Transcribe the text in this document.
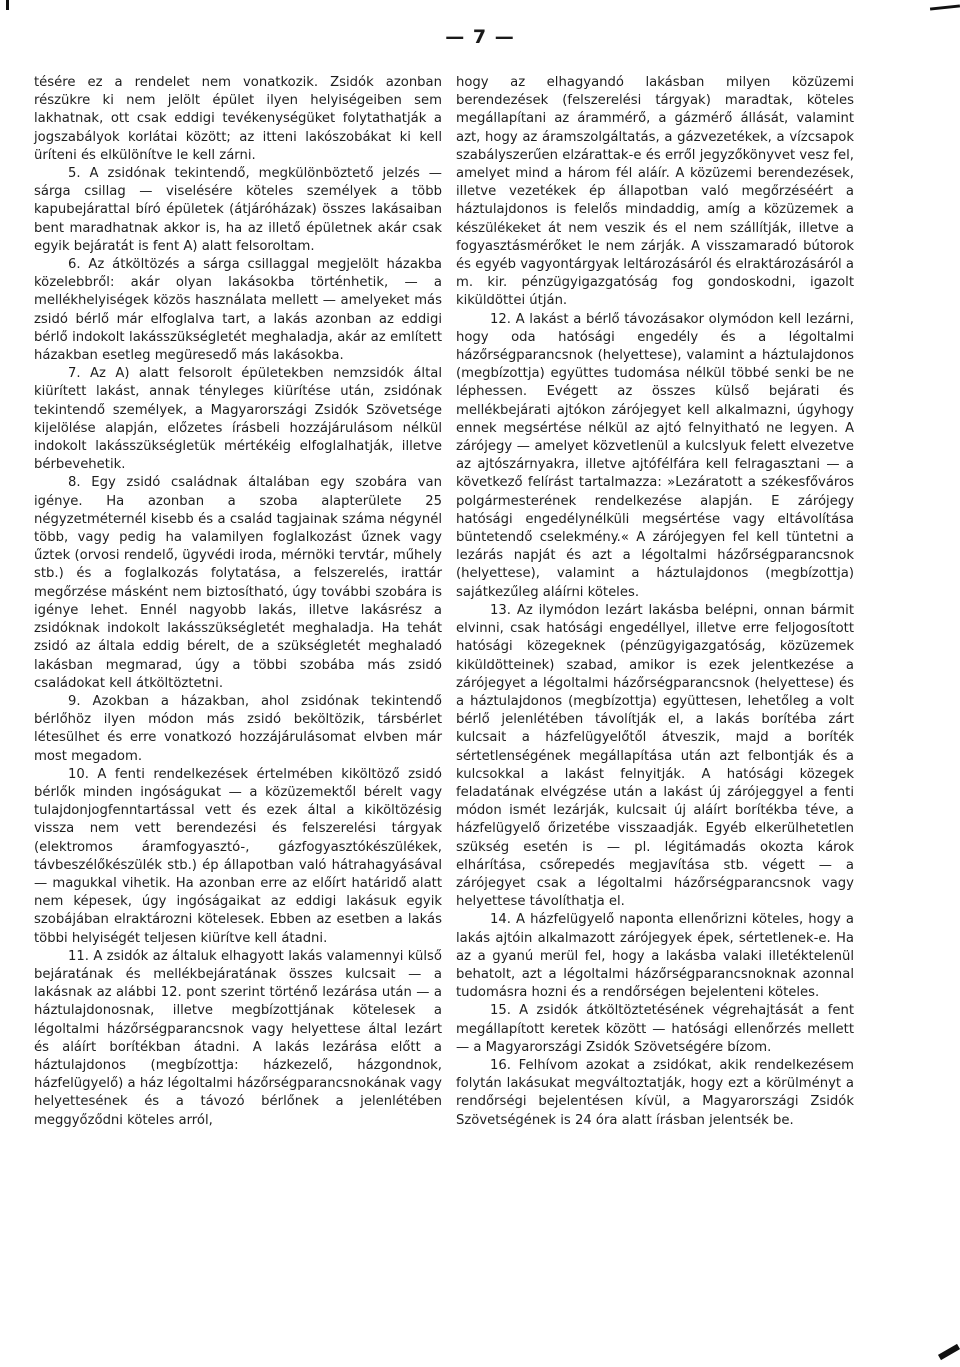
— 7 —

tésére ez a rendelet nem vonatkozik. Zsidók azonban részükre ki nem jelölt épület ilyen helyiségeiben sem lakhatnak, ott csak eddigi tevékenységüket folytathatják a jogszabályok korlátai között; az itteni lakószobákat ki kell üríteni és elkülönítve le kell zárni.

5. A zsidónak tekintendő, megkülönböztető jelzés — sárga csillag — viselésére köteles személyek a több kapubejárattal bíró épületek (átjáróházak) összes lakásaiban bent maradhatnak akkor is, ha az illető épületnek akár csak egyik bejáratát is fent A) alatt felsoroltam.

6. Az átköltözés a sárga csillaggal megjelölt házakba közelebbről: akár olyan lakásokba történhetik, — a mellékhelyiségek közös használata mellett — amelyeket más zsidó bérlő már elfoglalva tart, a lakás azonban az eddigi bérlő indokolt lakásszükségletét meghaladja, akár az említett házakban esetleg megüresedő más lakásokba.

7. Az A) alatt felsorolt épületekben nemzsidók által kiürített lakást, annak tényleges kiürítése után, zsidónak tekintendő személyek, a Magyarországi Zsidók Szövetsége kijelölése alapján, előzetes írásbeli hozzájárulásom nélkül indokolt lakásszükségletük mértékéig elfoglalhatják, illetve bérbevehetik.

8. Egy zsidó családnak általában egy szobára van igénye. Ha azonban a szoba alapterülete 25 négyzetméternél kisebb és a család tagjainak száma négynél több, vagy pedig ha valamilyen foglalkozást űznek vagy űztek (orvosi rendelő, ügyvédi iroda, mérnöki tervtár, műhely stb.) és a foglalkozás folytatása, a felszerelés, irattár megőrzése másként nem biztosítható, úgy további szobára is igénye lehet. Ennél nagyobb lakás, illetve lakásrész a zsidóknak indokolt lakásszükségletét meghaladja. Ha tehát zsidó az általa eddig bérelt, de a szükségletét meghaladó lakásban megmarad, úgy a többi szobába más zsidó családokat kell átköltöztetni.

9. Azokban a házakban, ahol zsidónak tekintendő bérlőhöz ilyen módon más zsidó beköltözik, társbérlet létesülhet és erre vonatkozó hozzájárulásomat elvben már most megadom.

10. A fenti rendelkezések értelmében kiköltöző zsidó bérlők minden ingóságukat — a közüzemektől bérelt vagy tulajdonjogfenntartással vett és ezek által a kiköltözésig vissza nem vett berendezési és felszerelési tárgyak (elektromos áramfogyasztó-, gázfogyasztókészülékek, távbeszélőkészülék stb.) ép állapotban való hátrahagyásával — magukkal vihetik. Ha azonban erre az előírt határidő alatt nem képesek, úgy ingóságaikat az eddigi lakásuk egyik szobájában elraktározni kötelesek. Ebben az esetben a lakás többi helyiségét teljesen kiürítve kell átadni.

11. A zsidók az általuk elhagyott lakás valamennyi külső bejáratának és mellékbejáratának összes kulcsait — a lakásnak az alábbi 12. pont szerint történő lezárása után — a háztulajdonosnak, illetve megbízottjának kötelesek a légoltalmi házőrségparancsnok vagy helyettese által lezárt és aláírt borítékban átadni. A lakás lezárása előtt a háztulajdonos (megbízottja: házkezelő, házgondnok, házfelügyelő) a ház légoltalmi házőrségparancsnokának vagy helyettesének és a távozó bérlőnek a jelenlétében meggyőződni köteles arról,

hogy az elhagyandó lakásban milyen közüzemi berendezések (felszerelési tárgyak) maradtak, köteles megállapítani az árammérő, a gázmérő állását, valamint azt, hogy az áramszolgáltatás, a gázvezetékek, a vízcsapok szabályszerűen elzárattak-e és erről jegyzőkönyvet vesz fel, amelyet mind a három fél aláír. A közüzemi berendezések, illetve vezetékek ép állapotban való megőrzéséért a háztulajdonos is felelős mindaddig, amíg a közüzemek a készülékeket át nem veszik és el nem szállítják, illetve a fogyasztásmérőket le nem zárják. A visszamaradó bútorok és egyéb vagyontárgyak leltározásáról és elraktározásáról a m. kir. pénzügyigazgatóság fog gondoskodni, igazolt kiküldöttei útján.

12. A lakást a bérlő távozásakor olymódon kell lezárni, hogy oda hatósági engedély és a légoltalmi házőrségparancsnok (helyettese), valamint a háztulajdonos (megbízottja) együttes tudomása nélkül többé senki be ne léphessen. Evégett az összes külső bejárati és mellékbejárati ajtókon zárójegyet kell alkalmazni, úgyhogy ennek megsértése nélkül az ajtó felnyitható ne legyen. A zárójegy — amelyet közvetlenül a kulcslyuk felett elvezetve az ajtószárnyakra, illetve ajtófélfára kell felragasztani — a következő felírást tartalmazza: »Lezáratott a székesfőváros polgármesterének rendelkezése alapján. E zárójegy hatósági engedélynélküli megsértése vagy eltávolítása büntetendő cselekmény.« A zárójegyen fel kell tüntetni a lezárás napját és azt a légoltalmi házőrségparancsnok (helyettese), valamint a háztulajdonos (megbízottja) sajátkezűleg aláírni köteles.

13. Az ilymódon lezárt lakásba belépni, onnan bármit elvinni, csak hatósági engedéllyel, illetve erre feljogosított hatósági közegeknek (pénzügyigazgatóság, közüzemek kiküldötteinek) szabad, amikor is ezek jelentkezése a zárójegyet a légoltalmi házőrségparancsnok (helyettese) és a háztulajdonos (megbízottja) együttesen, lehetőleg a volt bérlő jelenlétében távolítják el, a lakás borítéba zárt kulcsait a házfelügyelőtől átveszik, majd a boríték sértetlenségének megállapítása után azt felbontják és a kulcsokkal a lakást felnyitják. A hatósági közegek feladatának elvégzése után a lakást új zárójeggyel a fenti módon ismét lezárják, kulcsait új aláírt borítékba téve, a házfelügyelő őrizetébe visszaadják. Egyéb elkerülhetetlen szükség esetén is — pl. légitámadás okozta károk elhárítása, csőrepedés megjavítása stb. végett — a zárójegyet csak a légoltalmi házőrségparancsnok vagy helyettese távolíthatja el.

14. A házfelügyelő naponta ellenőrizni köteles, hogy a lakás ajtóin alkalmazott zárójegyek épek, sértetlenek-e. Ha az a gyanú merül fel, hogy a lakásba valaki illetéktelenül behatolt, azt a légoltalmi házőrségparancsnoknak azonnal tudomásra hozni és a rendőrségen bejelenteni köteles.

15. A zsidók átköltöztetésének végrehajtását a fent megállapított keretek között — hatósági ellenőrzés mellett — a Magyarországi Zsidók Szövetségére bízom.

16. Felhívom azokat a zsidókat, akik rendelkezésem folytán lakásukat megváltoztatják, hogy ezt a körülményt a rendőrségi bejelentésen kívül, a Magyarországi Zsidók Szövetségének is 24 óra alatt írásban jelentsék be.
